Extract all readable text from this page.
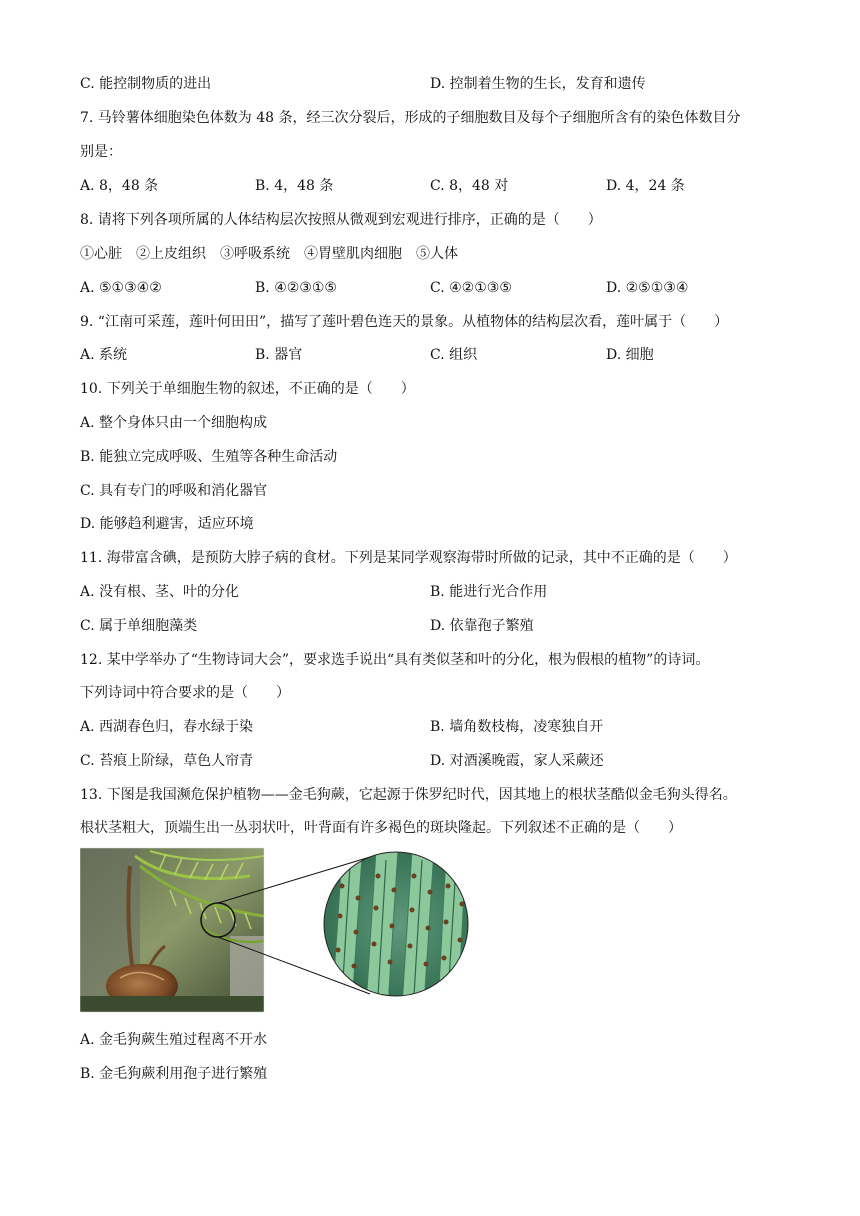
C. 能控制物质的进出	D. 控制着生物的生长，发育和遗传
7. 马铃薯体细胞染色体数为 48 条，经三次分裂后，形成的子细胞数目及每个子细胞所含有的染色体数目分
别是：
A. 8，48 条	B. 4，48 条	C. 8，48 对	D. 4，24 条
8. 请将下列各项所属的人体结构层次按照从微观到宏观进行排序，正确的是（　　）
①心脏　②上皮组织　③呼吸系统　④胃壁肌肉细胞　⑤人体
A. ⑤①③④②	B. ④②③①⑤	C. ④②①③⑤	D. ②⑤①③④
9. “江南可采莲，莲叶何田田”，描写了莲叶碧色连天的景象。从植物体的结构层次看，莲叶属于（　　）
A. 系统	B. 器官	C. 组织	D. 细胞
10. 下列关于单细胞生物的叙述，不正确的是（　　）
A. 整个身体只由一个细胞构成
B. 能独立完成呼吸、生殖等各种生命活动
C. 具有专门的呼吸和消化器官
D. 能够趋利避害，适应环境
11. 海带富含碘，是预防大脖子病的食材。下列是某同学观察海带时所做的记录，其中不正确的是（　　）
A. 没有根、茎、叶的分化	B. 能进行光合作用
C. 属于单细胞藻类	D. 依靠孢子繁殖
12. 某中学举办了“生物诗词大会”，要求选手说出“具有类似茎和叶的分化，根为假根的植物”的诗词。
下列诗词中符合要求的是（　　）
A. 西湖春色归，春水绿于染	B. 墙角数枝梅，凌寒独自开
C. 苔痕上阶绿，草色人帘青	D. 对酒溪晚霞，家人采蕨还
13. 下图是我国濒危保护植物——金毛狗蕨，它起源于侏罗纪时代，因其地上的根状茎酷似金毛狗头得名。
根状茎粗大，顶端生出一丛羽状叶，叶背面有许多褐色的斑块隆起。下列叙述不正确的是（　　）
A. 金毛狗蕨生殖过程离不开水
B. 金毛狗蕨利用孢子进行繁殖
